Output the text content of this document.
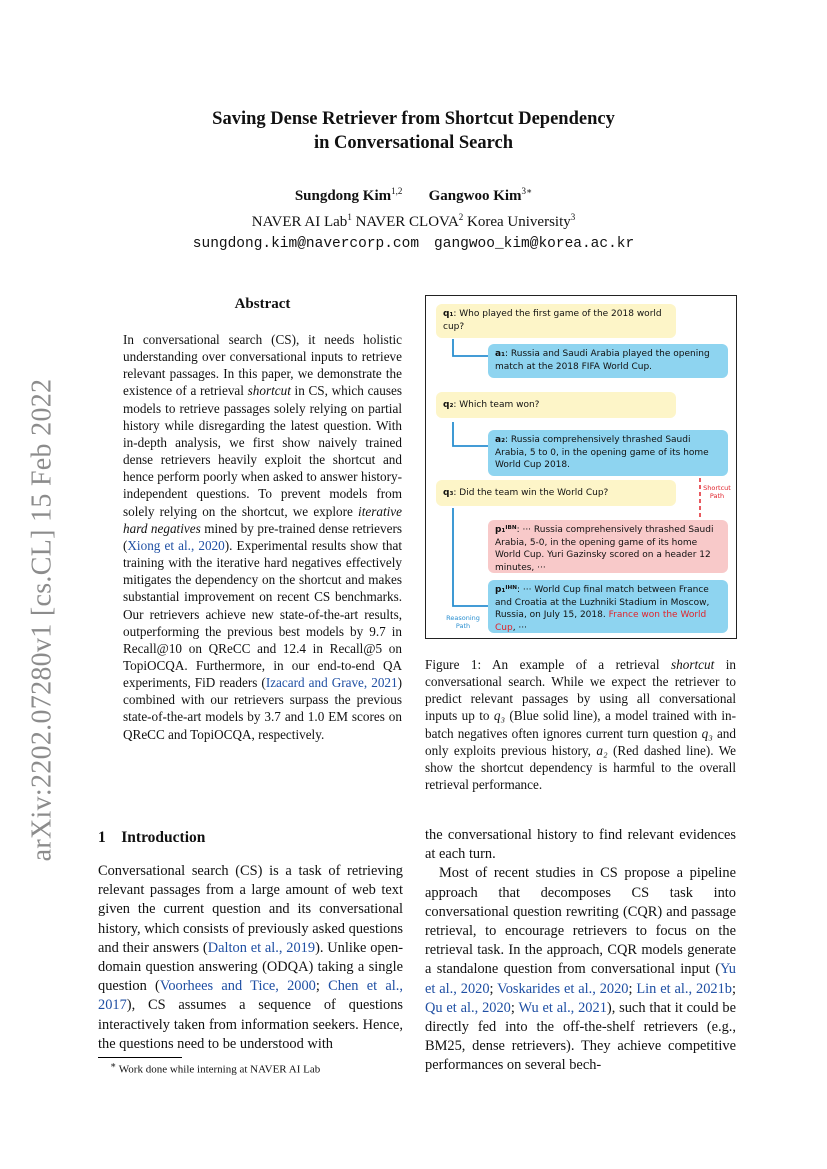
arXiv:2202.07280v1 [cs.CL] 15 Feb 2022
Saving Dense Retriever from Shortcut Dependency
in Conversational Search
Sungdong Kim$^{1,2}$ Gangwoo Kim$^{3∗}$
NAVER AI Lab$^1$ NAVER CLOVA$^2$ Korea University$^3$
sungdong.kim@navercorp.com gangwoo_kim@korea.ac.kr
Abstract
In conversational search (CS), it needs holistic understanding over conversational inputs to retrieve relevant passages. In this paper, we demonstrate the existence of a retrieval shortcut in CS, which causes models to retrieve passages solely relying on partial history while disregarding the latest question. With in-depth analysis, we first show naively trained dense retrievers heavily exploit the shortcut and hence perform poorly when asked to answer history-independent questions. To prevent models from solely relying on the shortcut, we explore iterative hard negatives mined by pre-trained dense retrievers (Xiong et al., 2020). Experimental results show that training with the iterative hard negatives effectively mitigates the dependency on the shortcut and makes substantial improvement on recent CS benchmarks. Our retrievers achieve new state-of-the-art results, outperforming the previous best models by 9.7 in Recall@10 on QReCC and 12.4 in Recall@5 on TopiOCQA. Furthermore, in our end-to-end QA experiments, FiD readers (Izacard and Grave, 2021) combined with our retrievers surpass the previous state-of-the-art models by 3.7 and 1.0 EM scores on QReCC and TopiOCQA, respectively.
q₁: Who played the first game of the 2018 world cup?
a₁: Russia and Saudi Arabia played the opening match at the 2018 FIFA World Cup.
q₂: Which team won?
a₂: Russia comprehensively thrashed Saudi Arabia, 5 to 0, in the opening game of its home World Cup 2018.
Shortcut
Path
q₃: Did the team win the World Cup?
p₁ᴵᴮᴺ: ··· Russia comprehensively thrashed Saudi Arabia, 5-0, in the opening game of its home World Cup. Yuri Gazinsky scored on a header 12 minutes, ···
p₁ᴵᴴᴺ: ··· World Cup final match between France and Croatia at the Luzhniki Stadium in Moscow, Russia, on July 15, 2018. France won the World Cup, ···
Reasoning
Path
Figure 1: An example of a retrieval shortcut in conversational search. While we expect the retriever to predict relevant passages by using all conversational inputs up to q₃ (Blue solid line), a model trained with in-batch negatives often ignores current turn question q₃ and only exploits previous history, a₂ (Red dashed line). We show the shortcut dependency is harmful to the overall retrieval performance.
1 Introduction
Conversational search (CS) is a task of retrieving relevant passages from a large amount of web text given the current question and its conversational history, which consists of previously asked questions and their answers (Dalton et al., 2019). Unlike open-domain question answering (ODQA) taking a single question (Voorhees and Tice, 2000; Chen et al., 2017), CS assumes a sequence of questions interactively taken from information seekers. Hence, the questions need to be understood with
the conversational history to find relevant evidences at each turn.
Most of recent studies in CS propose a pipeline approach that decomposes CS task into conversational question rewriting (CQR) and passage retrieval, to encourage retrievers to focus on the retrieval task. In the approach, CQR models generate a standalone question from conversational input (Yu et al., 2020; Voskarides et al., 2020; Lin et al., 2021b; Qu et al., 2020; Wu et al., 2021), such that it could be directly fed into the off-the-shelf retrievers (e.g., BM25, dense retrievers). They achieve competitive performances on several bech-
∗ Work done while interning at NAVER AI Lab
